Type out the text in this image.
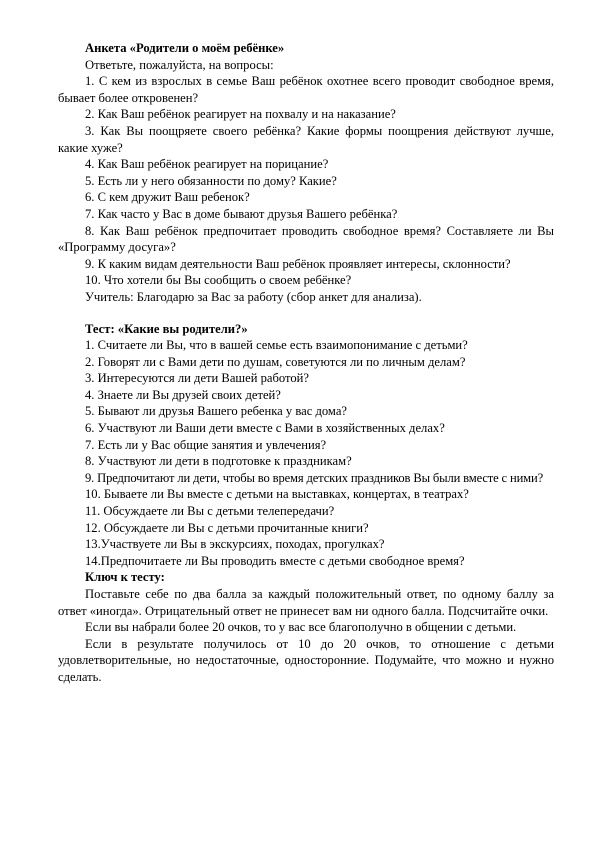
Анкета «Родители о моём ребёнке»

Ответьте, пожалуйста, на вопросы:

1. С кем из взрослых в семье Ваш ребёнок охотнее всего проводит свободное время, бывает более откровенен?

2. Как Ваш ребёнок реагирует на похвалу и на наказание?

3. Как Вы поощряете своего ребёнка? Какие формы поощрения действуют лучше, какие хуже?

4. Как Ваш ребёнок реагирует на порицание?

5. Есть ли у него обязанности по дому? Какие?

6. С кем дружит Ваш ребенок?

7. Как часто у Вас в доме бывают друзья Вашего ребёнка?

8. Как Ваш ребёнок предпочитает проводить свободное время? Составляете ли Вы «Программу досуга»?

9. К каким видам деятельности Ваш ребёнок проявляет интересы, склонности?

10. Что хотели бы Вы сообщить о своем ребёнке?

Учитель: Благодарю за Вас за работу (сбор анкет для анализа).

Тест: «Какие вы родители?»

1. Считаете ли Вы, что в вашей семье есть взаимопонимание с детьми?

2. Говорят ли с Вами дети по душам, советуются ли по личным делам?

3. Интересуются ли дети Вашей работой?

4. Знаете ли Вы друзей своих детей?

5. Бывают ли друзья Вашего ребенка у вас дома?

6. Участвуют ли Ваши дети вместе с Вами в хозяйственных делах?

7. Есть ли у Вас общие занятия и увлечения?

8. Участвуют ли дети в подготовке к праздникам?

9. Предпочитают ли дети, чтобы во время детских праздников Вы были вместе с ними?

10. Бываете ли Вы вместе с детьми на выставках, концертах, в театрах?

11. Обсуждаете ли Вы с детьми телепередачи?

12. Обсуждаете ли Вы с детьми прочитанные книги?

13.Участвуете ли Вы в экскурсиях, походах, прогулках?

14.Предпочитаете ли Вы проводить вместе с детьми свободное время?

Ключ к тесту:

Поставьте себе по два балла за каждый положительный ответ, по одному баллу за ответ «иногда». Отрицательный ответ не принесет вам ни одного балла. Подсчитайте очки.

Если вы набрали более 20 очков, то у вас все благополучно в общении с детьми.

Если в результате получилось от 10 до 20 очков, то отношение с детьми удовлетворительные, но недостаточные, односторонние. Подумайте, что можно и нужно сделать.
